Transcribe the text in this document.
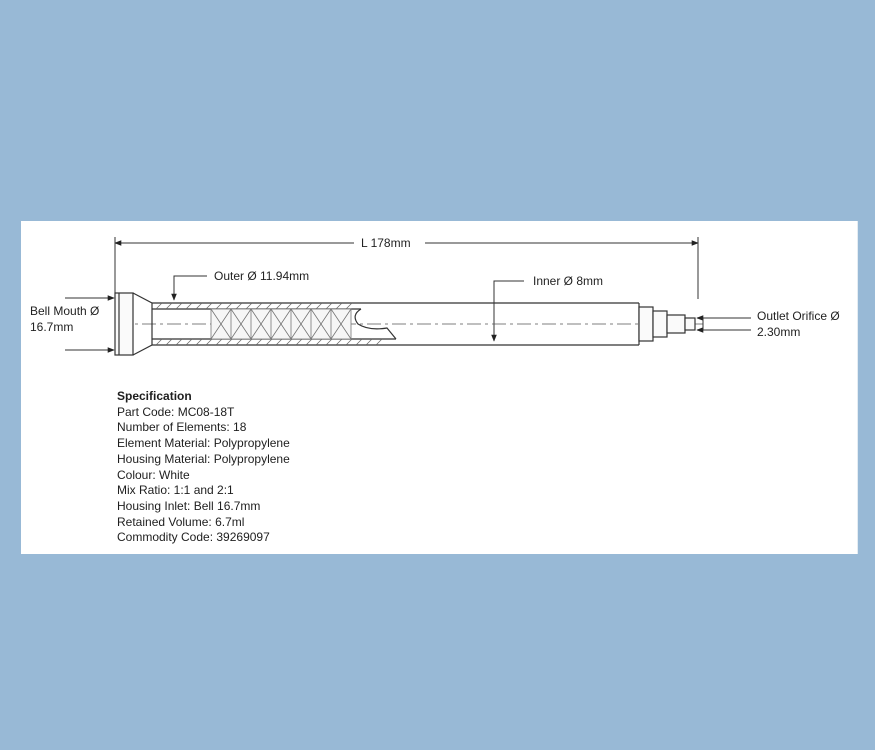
L 178mm
Outer Ø 11.94mm	Inner Ø 8mm
Bell Mouth Ø
16.7mm
Outlet Orifice Ø
2.30mm
Specification
Part Code: MC08-18T
Number of Elements: 18
Element Material: Polypropylene
Housing Material: Polypropylene
Colour: White
Mix Ratio: 1:1 and 2:1
Housing Inlet: Bell 16.7mm
Retained Volume: 6.7ml
Commodity Code: 39269097
